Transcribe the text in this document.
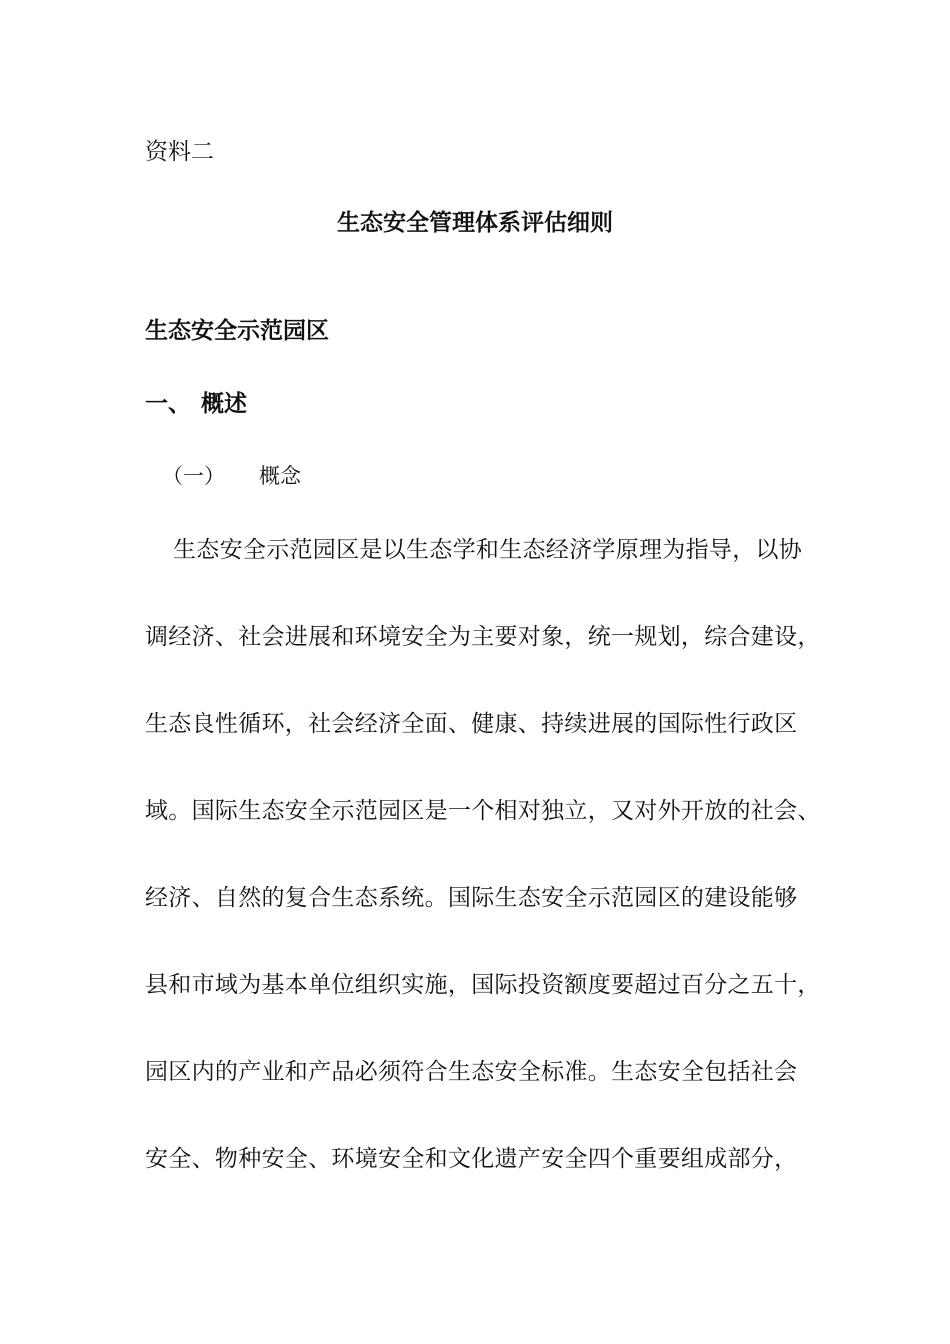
资料二
生态安全管理体系评估细则
生态安全示范园区
一、 概述
（一） 概念
生态安全示范园区是以生态学和生态经济学原理为指导，以协
调经济、社会进展和环境安全为主要对象，统一规划，综合建设，
生态良性循环，社会经济全面、健康、持续进展的国际性行政区
域。国际生态安全示范园区是一个相对独立，又对外开放的社会、
经济、自然的复合生态系统。国际生态安全示范园区的建设能够
县和市域为基本单位组织实施，国际投资额度要超过百分之五十，
园区内的产业和产品必须符合生态安全标准。生态安全包括社会
安全、物种安全、环境安全和文化遗产安全四个重要组成部分，
